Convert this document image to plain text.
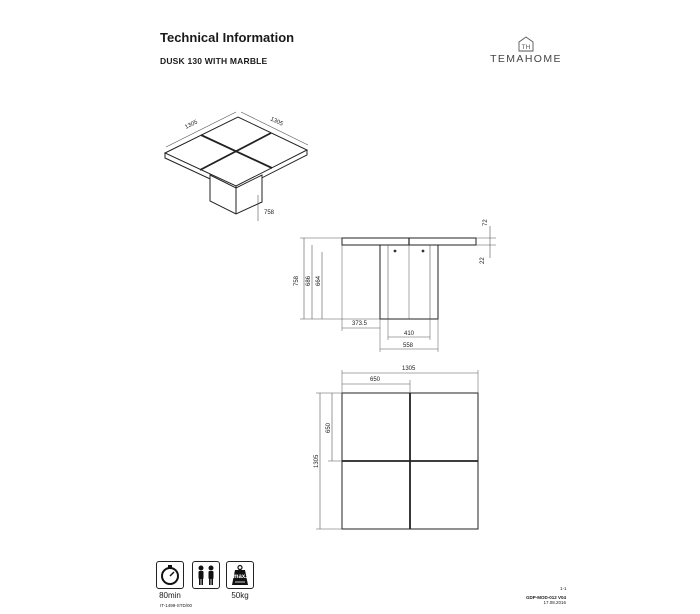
Technical Information
DUSK 130 WITH MARBLE
TH
TEMAHOME
1305	1305
758
758 686 664
72
22
373.5
410
558
1305
650
650
1305
max.
80min	50kg
IT-1499-STD/00
1-1
GDP-MOD-012 V04
17.08.2016
